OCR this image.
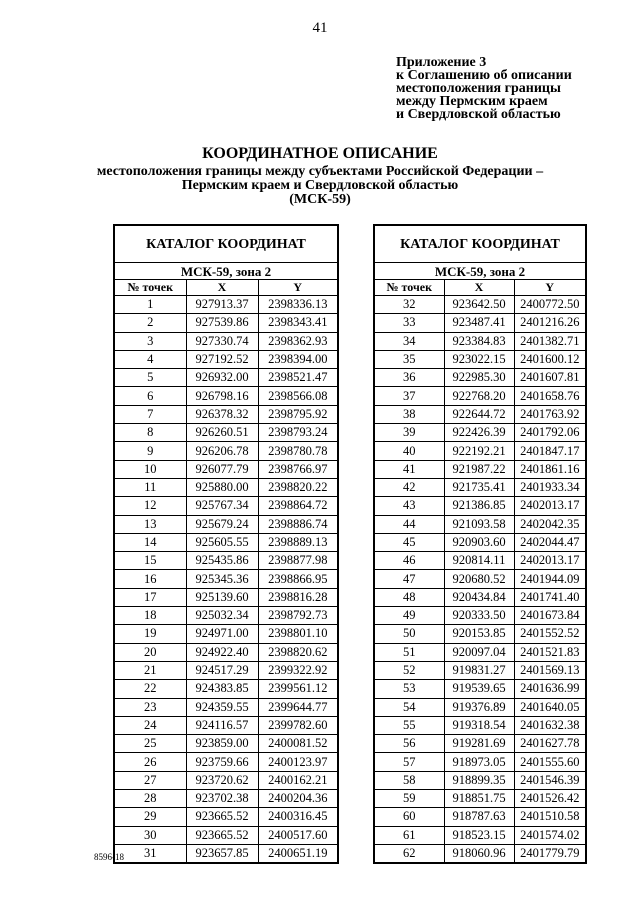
41
Приложение 3
к Соглашению об описании
местоположения границы
между Пермским краем
и Свердловской областью
КООРДИНАТНОЕ ОПИСАНИЕ
местоположения границы между субъектами Российской Федерации –
Пермским краем и Свердловской областью
(МСК-59)
КАТАЛОГ КООРДИНАТ		
МСК-59, зона 2		
№ точек	X	Y
1	927913.37	2398336.13
2	927539.86	2398343.41
3	927330.74	2398362.93
4	927192.52	2398394.00
5	926932.00	2398521.47
6	926798.16	2398566.08
7	926378.32	2398795.92
8	926260.51	2398793.24
9	926206.78	2398780.78
10	926077.79	2398766.97
11	925880.00	2398820.22
12	925767.34	2398864.72
13	925679.24	2398886.74
14	925605.55	2398889.13
15	925435.86	2398877.98
16	925345.36	2398866.95
17	925139.60	2398816.28
18	925032.34	2398792.73
19	924971.00	2398801.10
20	924922.40	2398820.62
21	924517.29	2399322.92
22	924383.85	2399561.12
23	924359.55	2399644.77
24	924116.57	2399782.60
25	923859.00	2400081.52
26	923759.66	2400123.97
27	923720.62	2400162.21
28	923702.38	2400204.36
29	923665.52	2400316.45
30	923665.52	2400517.60
31	923657.85	2400651.19
КАТАЛОГ КООРДИНАТ		
МСК-59, зона 2		
№ точек	X	Y
32	923642.50	2400772.50
33	923487.41	2401216.26
34	923384.83	2401382.71
35	923022.15	2401600.12
36	922985.30	2401607.81
37	922768.20	2401658.76
38	922644.72	2401763.92
39	922426.39	2401792.06
40	922192.21	2401847.17
41	921987.22	2401861.16
42	921735.41	2401933.34
43	921386.85	2402013.17
44	921093.58	2402042.35
45	920903.60	2402044.47
46	920814.11	2402013.17
47	920680.52	2401944.09
48	920434.84	2401741.40
49	920333.50	2401673.84
50	920153.85	2401552.52
51	920097.04	2401521.83
52	919831.27	2401569.13
53	919539.65	2401636.99
54	919376.89	2401640.05
55	919318.54	2401632.38
56	919281.69	2401627.78
57	918973.05	2401555.60
58	918899.35	2401546.39
59	918851.75	2401526.42
60	918787.63	2401510.58
61	918523.15	2401574.02
62	918060.96	2401779.79
8596-18
